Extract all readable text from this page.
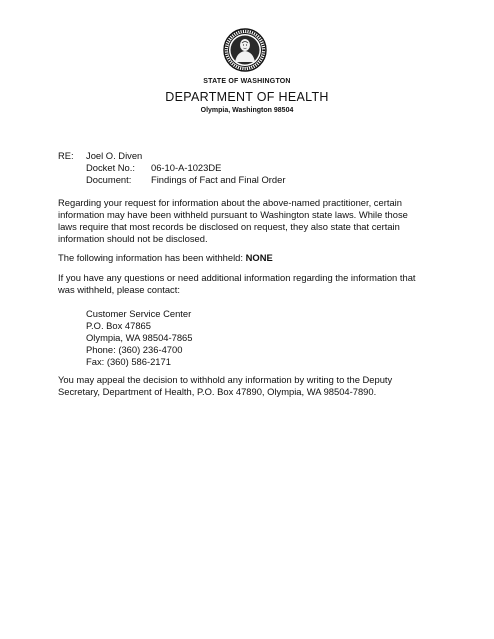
STATE OF WASHINGTON
DEPARTMENT OF HEALTH
Olympia, Washington 98504
RE:	Joel O. Diven
Docket No.:	06-10-A-1023DE
Document:	Findings of Fact and Final Order
Regarding your request for information about the above-named practitioner, certain
information may have been withheld pursuant to Washington state laws. While those
laws require that most records be disclosed on request, they also state that certain
information should not be disclosed.
The following information has been withheld: NONE
If you have any questions or need additional information regarding the information that
was withheld, please contact:
Customer Service Center
P.O. Box 47865
Olympia, WA 98504-7865
Phone: (360) 236-4700
Fax: (360) 586-2171
You may appeal the decision to withhold any information by writing to the Deputy
Secretary, Department of Health, P.O. Box 47890, Olympia, WA 98504-7890.
